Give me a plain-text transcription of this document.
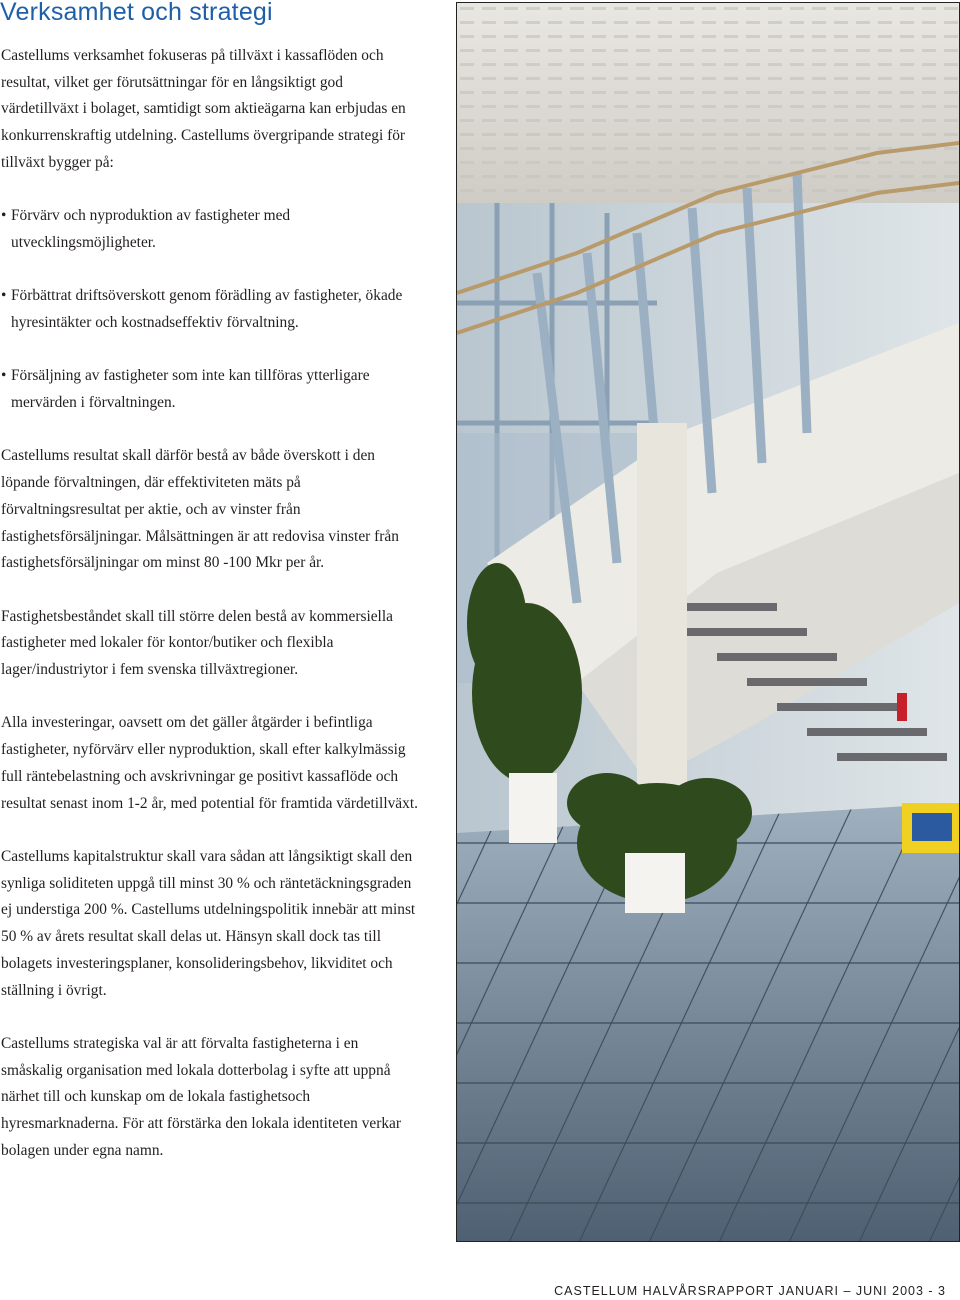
Verksamhet och strategi

Castellums verksamhet fokuseras på tillväxt i kassaflöden och resultat, vilket ger förutsättningar för en långsiktigt god värdetillväxt i bolaget, samtidigt som aktieägarna kan erbjudas en konkurrenskraftig utdelning. Castellums övergripande strategi för tillväxt bygger på:

• Förvärv och nyproduktion av fastigheter med utvecklingsmöjligheter.
• Förbättrat driftsöverskott genom förädling av fastigheter, ökade hyresintäkter och kostnadseffektiv förvaltning.
• Försäljning av fastigheter som inte kan tillföras ytterligare mervärden i förvaltningen.

Castellums resultat skall därför bestå av både överskott i den löpande förvaltningen, där effektiviteten mäts på förvaltningsresultat per aktie, och av vinster från fastighetsförsäljningar. Målsättningen är att redovisa vinster från fastighetsförsäljningar om minst 80 -100 Mkr per år.

Fastighetsbeståndet skall till större delen bestå av kommersiella fastigheter med lokaler för kontor/butiker och flexibla lager/industriytor i fem svenska tillväxtregioner.

Alla investeringar, oavsett om det gäller åtgärder i befintliga fastigheter, nyförvärv eller nyproduktion, skall efter kalkylmässig full räntebelastning och avskrivningar ge positivt kassaflöde och resultat senast inom 1-2 år, med potential för framtida värdetillväxt.

Castellums kapitalstruktur skall vara sådan att långsiktigt skall den synliga soliditeten uppgå till minst 30 % och räntetäckningsgraden ej understiga 200 %. Castellums utdelningspolitik innebär att minst 50 % av årets resultat skall delas ut. Hänsyn skall dock tas till bolagets investeringsplaner, konsolideringsbehov, likviditet och ställning i övrigt.

Castellums strategiska val är att förvalta fastigheterna i en småskalig organisation med lokala dotterbolag i syfte att uppnå närhet till och kunskap om de lokala fastighetsoch hyresmarknaderna. För att förstärka den lokala identiteten verkar bolagen under egna namn.

CASTELLUM HALVÅRSRAPPORT JANUARI – JUNI 2003 - 3
